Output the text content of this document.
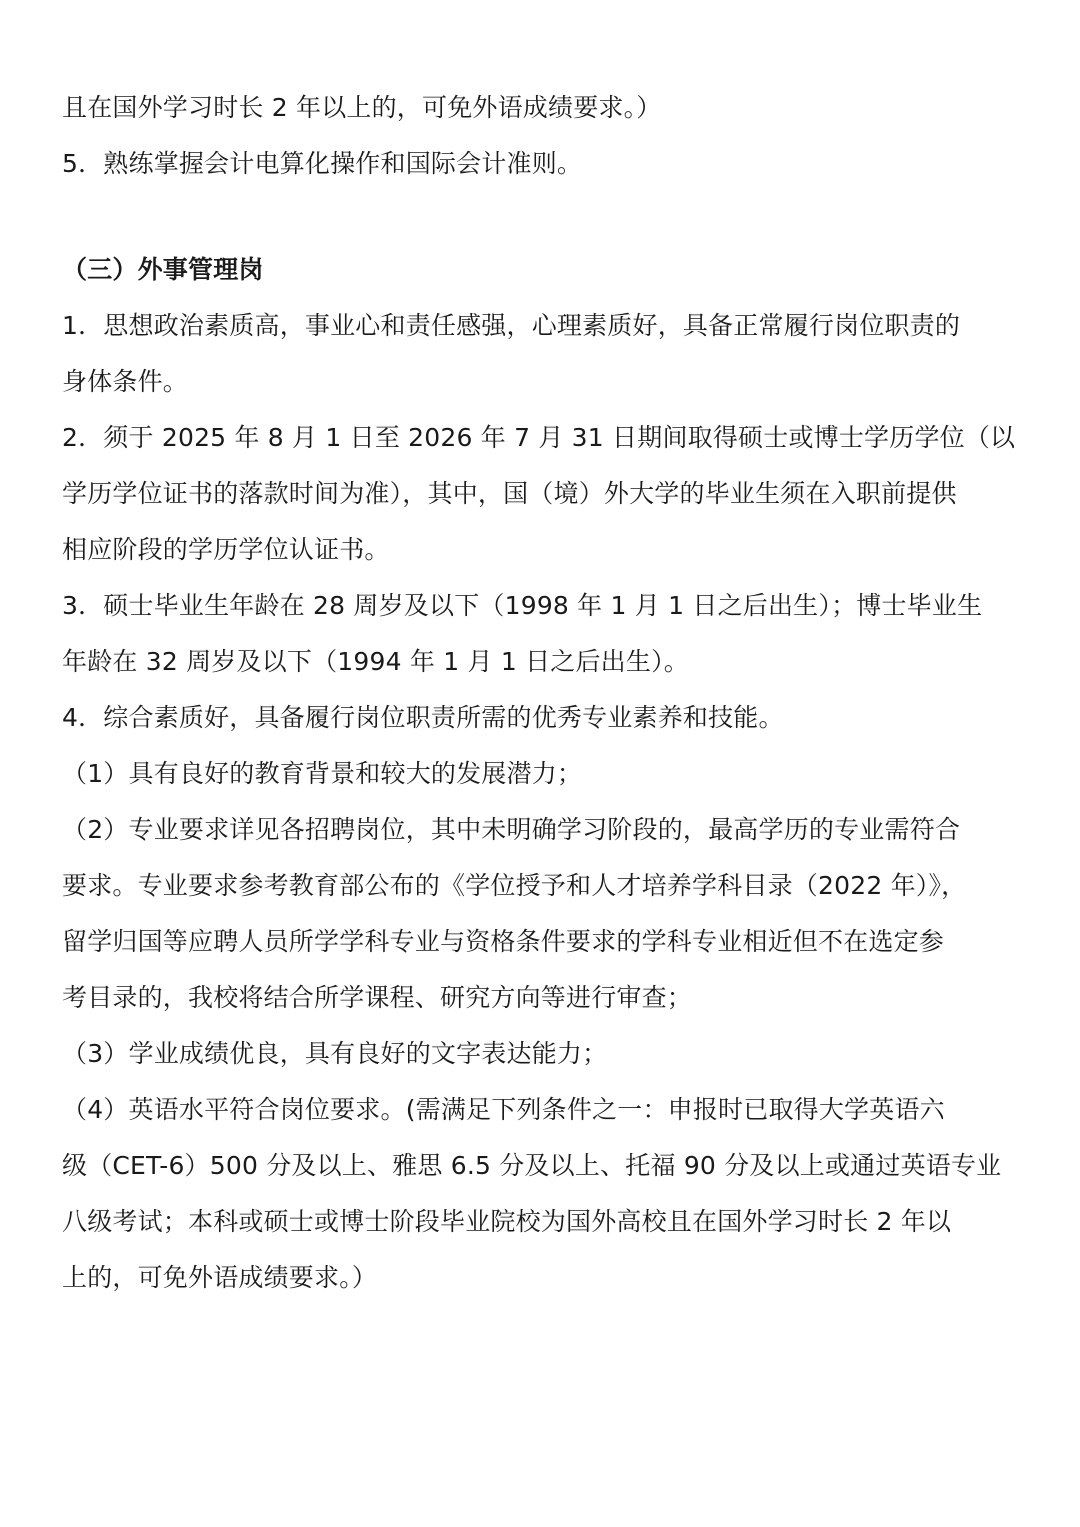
且在国外学习时长 2 年以上的，可免外语成绩要求。）
5．熟练掌握会计电算化操作和国际会计准则。
（三）外事管理岗
1．思想政治素质高，事业心和责任感强，心理素质好，具备正常履行岗位职责的
身体条件。
2．须于 2025 年 8 月 1 日至 2026 年 7 月 31 日期间取得硕士或博士学历学位（以
学历学位证书的落款时间为准），其中，国（境）外大学的毕业生须在入职前提供
相应阶段的学历学位认证书。
3．硕士毕业生年龄在 28 周岁及以下（1998 年 1 月 1 日之后出生）；博士毕业生
年龄在 32 周岁及以下（1994 年 1 月 1 日之后出生）。
4．综合素质好，具备履行岗位职责所需的优秀专业素养和技能。
（1）具有良好的教育背景和较大的发展潜力；
（2）专业要求详见各招聘岗位，其中未明确学习阶段的，最高学历的专业需符合
要求。专业要求参考教育部公布的《学位授予和人才培养学科目录（2022 年）》，
留学归国等应聘人员所学学科专业与资格条件要求的学科专业相近但不在选定参
考目录的，我校将结合所学课程、研究方向等进行审查；
（3）学业成绩优良，具有良好的文字表达能力；
（4）英语水平符合岗位要求。(需满足下列条件之一：申报时已取得大学英语六
级（CET-6）500 分及以上、雅思 6.5 分及以上、托福 90 分及以上或通过英语专业
八级考试；本科或硕士或博士阶段毕业院校为国外高校且在国外学习时长 2 年以
上的，可免外语成绩要求。）
